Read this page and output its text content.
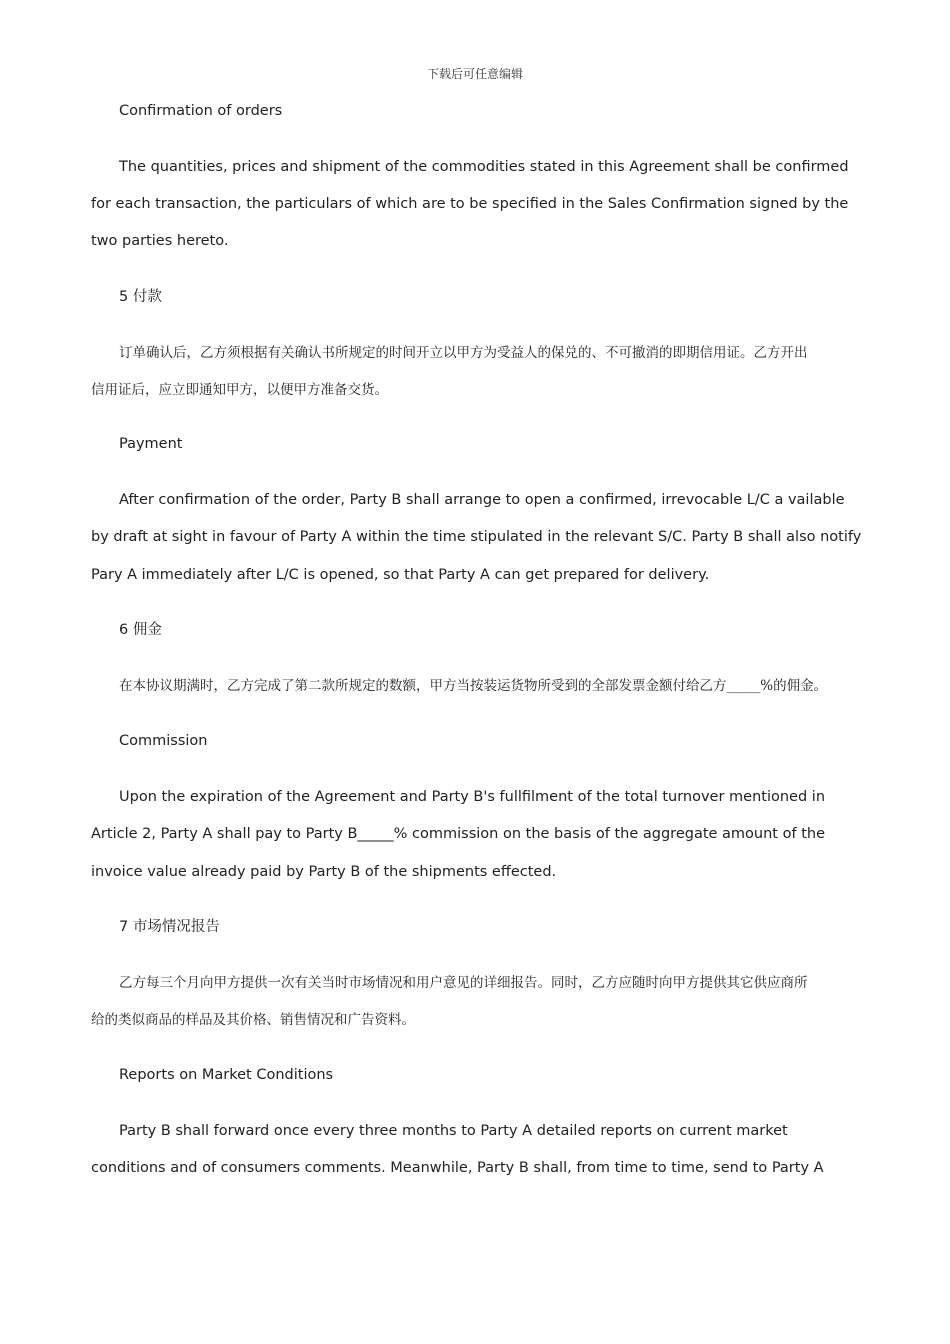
下载后可任意编辑
Confirmation of orders
The quantities, prices and shipment of the commodities stated in this Agreement shall be confirmed
for each transaction, the particulars of which are to be specified in the Sales Confirmation signed by the
two parties hereto.
5 付款
订单确认后，乙方须根据有关确认书所规定的时间开立以甲方为受益人的保兑的、不可撤消的即期信用证。乙方开出
信用证后，应立即通知甲方，以便甲方准备交货。
Payment
After confirmation of the order, Party B shall arrange to open a confirmed, irrevocable L/C a vailable
by draft at sight in favour of Party A within the time stipulated in the relevant S/C. Party B shall also notify
Pary A immediately after L/C is opened, so that Party A can get prepared for delivery.
6 佣金
在本协议期满时，乙方完成了第二款所规定的数额，甲方当按装运货物所受到的全部发票金额付给乙方_____%的佣金。
Commission
Upon the expiration of the Agreement and Party B's fullfilment of the total turnover mentioned in
Article 2, Party A shall pay to Party B_____% commission on the basis of the aggregate amount of the
invoice value already paid by Party B of the shipments effected.
7 市场情况报告
乙方每三个月向甲方提供一次有关当时市场情况和用户意见的详细报告。同时，乙方应随时向甲方提供其它供应商所
给的类似商品的样品及其价格、销售情况和广告资料。
Reports on Market Conditions
Party B shall forward once every three months to Party A detailed reports on current market
conditions and of consumers comments. Meanwhile, Party B shall, from time to time, send to Party A
